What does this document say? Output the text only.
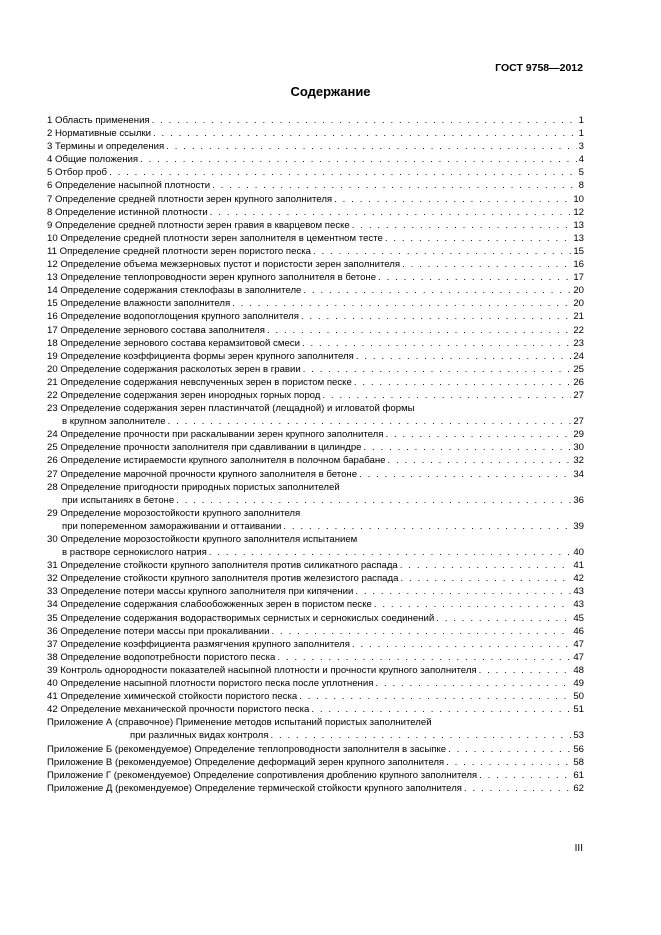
ГОСТ 9758—2012
Содержание
1 Область применения . . .	1
2 Нормативные ссылки . . .	1
3 Термины и определения . . .	3
4 Общие положения . . .	4
5 Отбор проб . . .	5
6 Определение насыпной плотности . . .	8
7 Определение средней плотности зерен крупного заполнителя . . .	10
8 Определение истинной плотности . . .	12
9 Определение средней плотности зерен гравия в кварцевом песке . . .	13
10 Определение средней плотности зерен заполнителя в цементном тесте . . .	13
11 Определение средней плотности зерен пористого песка . . .	15
12 Определение объема межзерновых пустот и пористости зерен заполнителя . . .	16
13 Определение теплопроводности зерен крупного заполнителя в бетоне . . .	17
14 Определение содержания стеклофазы в заполнителе . . .	20
15 Определение влажности заполнителя . . .	20
16 Определение водопоглощения крупного заполнителя . . .	21
17 Определение зернового состава заполнителя . . .	22
18 Определение зернового состава керамзитовой смеси . . .	23
19 Определение коэффициента формы зерен крупного заполнителя . . .	24
20 Определение содержания расколотых зерен в гравии . . .	25
21 Определение содержания невспученных зерен в пористом песке . . .	26
22 Определение содержания зерен инородных горных пород . . .	27
23 Определение содержания зерен пластинчатой (лещадной) и игловатой формы
в крупном заполнителе . . .	27
24 Определение прочности при раскалывании зерен крупного заполнителя . . .	29
25 Определение прочности заполнителя при сдавливании в цилиндре . . .	30
26 Определение истираемости крупного заполнителя в полочном барабане . . .	32
27 Определение марочной прочности крупного заполнителя в бетоне . . .	34
28 Определение пригодности природных пористых заполнителей
при испытаниях в бетоне . . .	36
29 Определение морозостойкости крупного заполнителя
при попеременном замораживании и оттаивании . . .	39
30 Определение морозостойкости крупного заполнителя испытанием
в растворе сернокислого натрия . . .	40
31 Определение стойкости крупного заполнителя против силикатного распада . . .	41
32 Определение стойкости крупного заполнителя против железистого распада . . .	42
33 Определение потери массы крупного заполнителя при кипячении . . .	43
34 Определение содержания слабообожженных зерен в пористом песке . . .	43
35 Определение содержания водорастворимых сернистых и сернокислых соединений . . .	45
36 Определение потери массы при прокаливании . . .	46
37 Определение коэффициента размягчения крупного заполнителя . . .	47
38 Определение водопотребности пористого песка . . .	47
39 Контроль однородности показателей насыпной плотности и прочности крупного заполнителя . . .	48
40 Определение насыпной плотности пористого песка после уплотнения . . .	49
41 Определение химической стойкости пористого песка . . .	50
42 Определение механической прочности пористого песка . . .	51
Приложение А (справочное) Применение методов испытаний пористых заполнителей
при различных видах контроля . . .	53
Приложение Б (рекомендуемое) Определение теплопроводности заполнителя в засыпке . . .	56
Приложение В (рекомендуемое) Определение деформаций зерен крупного заполнителя . . .	58
Приложение Г (рекомендуемое) Определение сопротивления дроблению крупного заполнителя . . .	61
Приложение Д (рекомендуемое) Определение термической стойкости крупного заполнителя . . .	62
III
